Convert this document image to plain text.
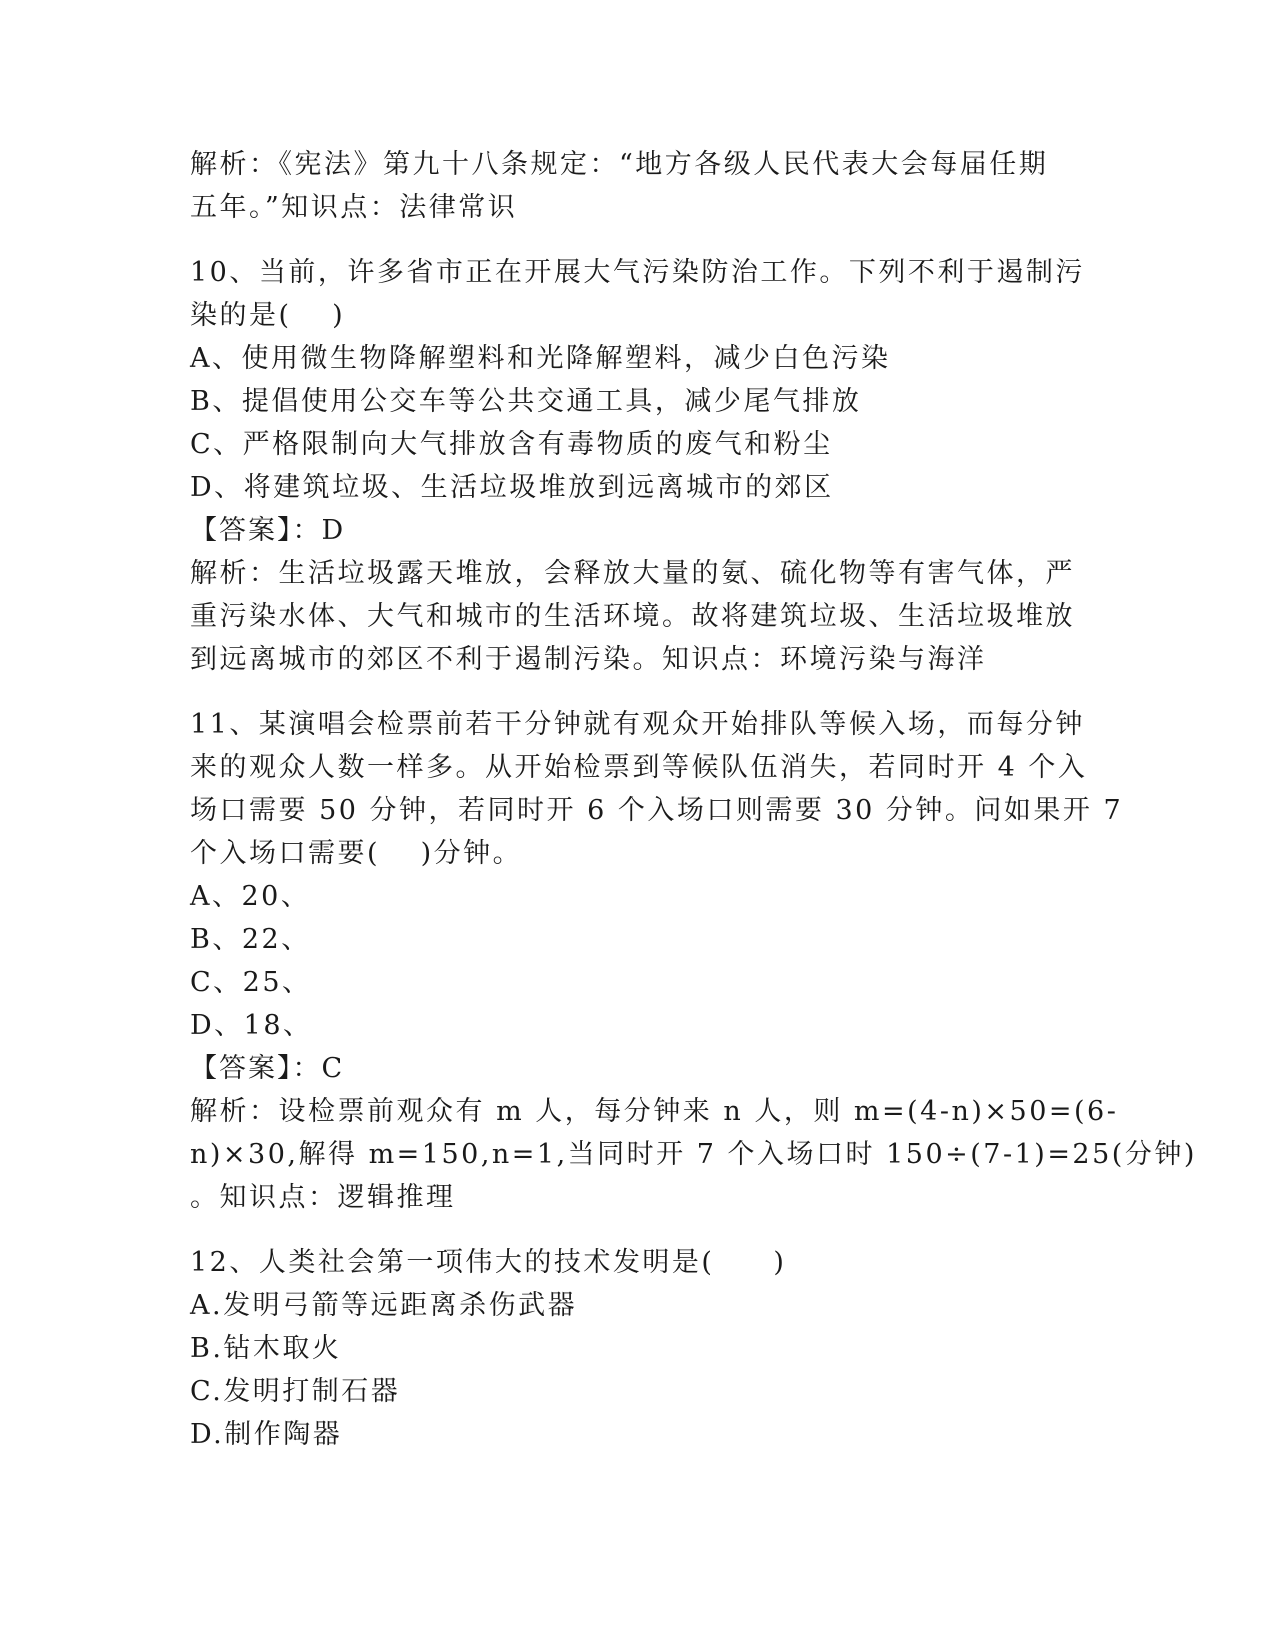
解析：《宪法》第九十八条规定：“地方各级人民代表大会每届任期
五年。”知识点：法律常识
10、当前，许多省市正在开展大气污染防治工作。下列不利于遏制污
染的是(　 )
A、使用微生物降解塑料和光降解塑料，减少白色污染
B、提倡使用公交车等公共交通工具，减少尾气排放
C、严格限制向大气排放含有毒物质的废气和粉尘
D、将建筑垃圾、生活垃圾堆放到远离城市的郊区
【答案】：D
解析：生活垃圾露天堆放，会释放大量的氨、硫化物等有害气体，严
重污染水体、大气和城市的生活环境。故将建筑垃圾、生活垃圾堆放
到远离城市的郊区不利于遏制污染。知识点：环境污染与海洋
11、某演唱会检票前若干分钟就有观众开始排队等候入场，而每分钟
来的观众人数一样多。从开始检票到等候队伍消失，若同时开 4 个入
场口需要 50 分钟，若同时开 6 个入场口则需要 30 分钟。问如果开 7
个入场口需要(　 )分钟。
A、20、
B、22、
C、25、
D、18、
【答案】：C
解析：设检票前观众有 m 人，每分钟来 n 人，则 m=(4-n)×50=(6-
n)×30,解得 m=150,n=1,当同时开 7 个入场口时 150÷(7-1)=25(分钟)
。知识点：逻辑推理
12、人类社会第一项伟大的技术发明是(　　)
A.发明弓箭等远距离杀伤武器
B.钻木取火
C.发明打制石器
D.制作陶器
